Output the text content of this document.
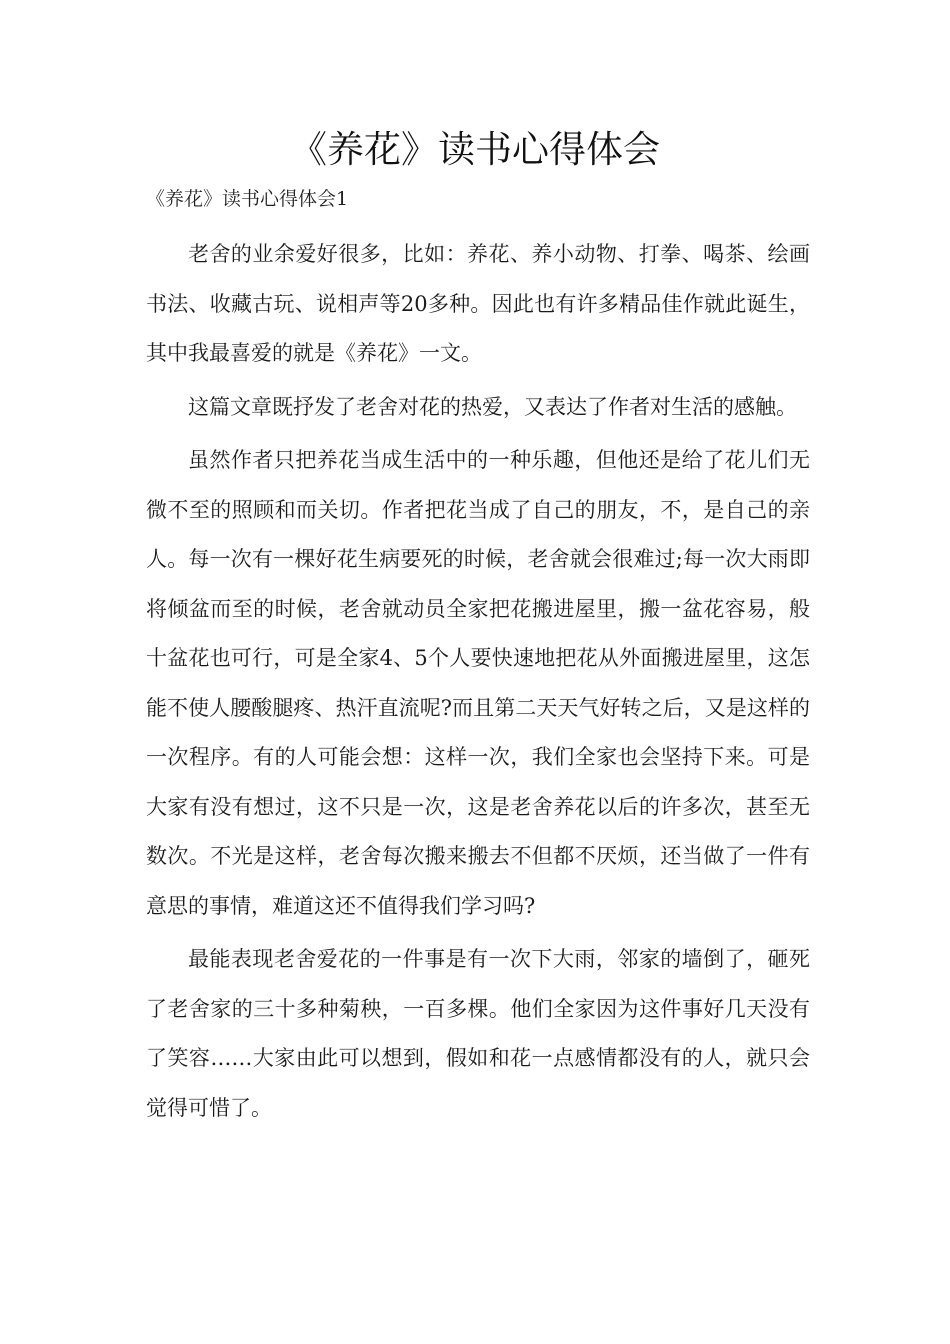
《养花》读书心得体会
《养花》读书心得体会1

老舍的业余爱好很多，比如：养花、养小动物、打拳、喝茶、绘画书法、收藏古玩、说相声等20多种。因此也有许多精品佳作就此诞生，其中我最喜爱的就是《养花》一文。

这篇文章既抒发了老舍对花的热爱，又表达了作者对生活的感触。

虽然作者只把养花当成生活中的一种乐趣，但他还是给了花儿们无微不至的照顾和而关切。作者把花当成了自己的朋友，不，是自己的亲人。每一次有一棵好花生病要死的时候，老舍就会很难过;每一次大雨即将倾盆而至的时候，老舍就动员全家把花搬进屋里，搬一盆花容易，般十盆花也可行，可是全家4、5个人要快速地把花从外面搬进屋里，这怎能不使人腰酸腿疼、热汗直流呢?而且第二天天气好转之后，又是这样的一次程序。有的人可能会想：这样一次，我们全家也会坚持下来。可是大家有没有想过，这不只是一次，这是老舍养花以后的许多次，甚至无数次。不光是这样，老舍每次搬来搬去不但都不厌烦，还当做了一件有意思的事情，难道这还不值得我们学习吗?

最能表现老舍爱花的一件事是有一次下大雨，邻家的墙倒了，砸死了老舍家的三十多种菊秧，一百多棵。他们全家因为这件事好几天没有了笑容……大家由此可以想到，假如和花一点感情都没有的人，就只会觉得可惜了。
